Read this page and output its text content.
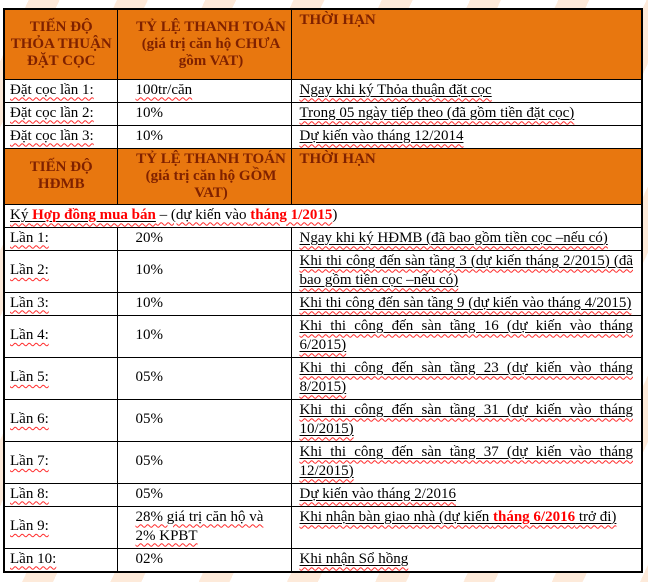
TIẾN ĐỘ THỎA THUẬN ĐẶT CỌC	TỶ LỆ THANH TOÁN (giá trị căn hộ CHƯA gồm VAT)	THỜI HẠN
Đặt cọc lần 1:	100tr/căn	Ngay khi ký Thỏa thuận đặt cọc
Đặt cọc lần 2:	10%	Trong 05 ngày tiếp theo (đã gồm tiền đặt cọc)
Đặt cọc lần 3:	10%	Dự kiến vào tháng 12/2014
TIẾN ĐỘ HĐMB	TỶ LỆ THANH TOÁN (giá trị căn hộ GỒM VAT)	THỜI HẠN
Ký Hợp đồng mua bán – (dự kiến vào tháng 1/2015)		
Lần 1:	20%	Ngay khi ký HĐMB (đã bao gồm tiền cọc –nếu có)
Lần 2:	10%	Khi thi công đến sàn tầng 3 (dự kiến tháng 2/2015) (đã bao gồm tiền cọc –nếu có)
Lần 3:	10%	Khi thi công đến sàn tầng 9 (dự kiến vào tháng 4/2015)
Lần 4:	10%	Khi thi công đến sàn tầng 16 (dự kiến vào tháng 6/2015)
Lần 5:	05%	Khi thi công đến sàn tầng 23 (dự kiến vào tháng 8/2015)
Lần 6:	05%	Khi thi công đến sàn tầng 31 (dự kiến vào tháng 10/2015)
Lần 7:	05%	Khi thi công đến sàn tầng 37 (dự kiến vào tháng 12/2015)
Lần 8:	05%	Dự kiến vào tháng 2/2016
Lần 9:	28% giá trị căn hộ và 2% KPBT	Khi nhận bàn giao nhà (dự kiến tháng 6/2016 trở đi)
Lần 10:	02%	Khi nhận Sổ hồng
